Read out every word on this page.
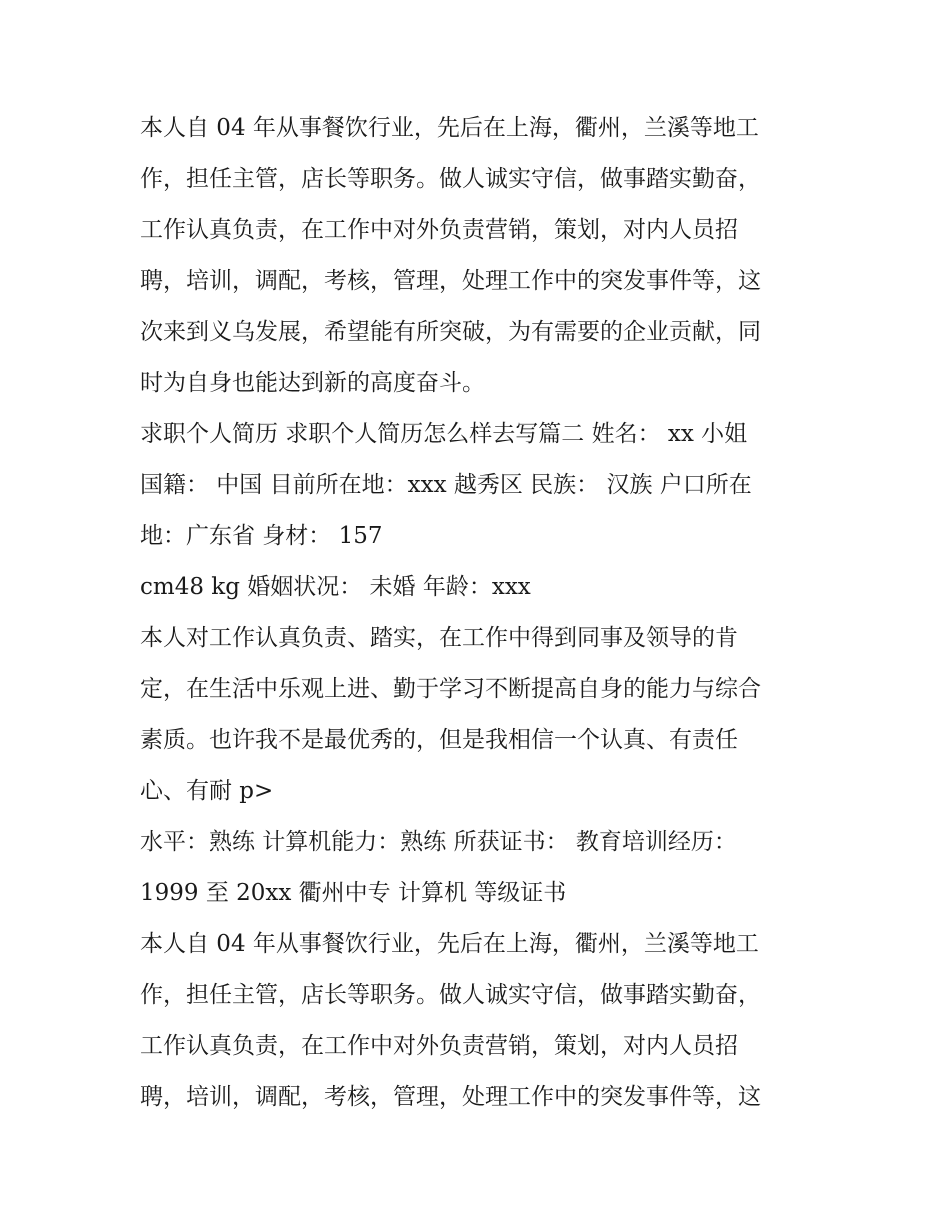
本人自 04 年从事餐饮行业，先后在上海，衢州，兰溪等地工

作，担任主管，店长等职务。做人诚实守信，做事踏实勤奋，

工作认真负责，在工作中对外负责营销，策划，对内人员招

聘，培训，调配，考核，管理，处理工作中的突发事件等，这

次来到义乌发展，希望能有所突破，为有需要的企业贡献，同

时为自身也能达到新的高度奋斗。

求职个人简历 求职个人简历怎么样去写篇二 姓名： xx 小姐

国籍： 中国 目前所在地：xxx 越秀区 民族： 汉族 户口所在

地：广东省 身材： 157

cm48 kg 婚姻状况： 未婚 年龄：xxx

本人对工作认真负责、踏实，在工作中得到同事及领导的肯

定，在生活中乐观上进、勤于学习不断提高自身的能力与综合

素质。也许我不是最优秀的，但是我相信一个认真、有责任

心、有耐 p>

水平：熟练 计算机能力：熟练 所获证书： 教育培训经历：

1999 至 20xx 衢州中专 计算机 等级证书

本人自 04 年从事餐饮行业，先后在上海，衢州，兰溪等地工

作，担任主管，店长等职务。做人诚实守信，做事踏实勤奋，

工作认真负责，在工作中对外负责营销，策划，对内人员招

聘，培训，调配，考核，管理，处理工作中的突发事件等，这
